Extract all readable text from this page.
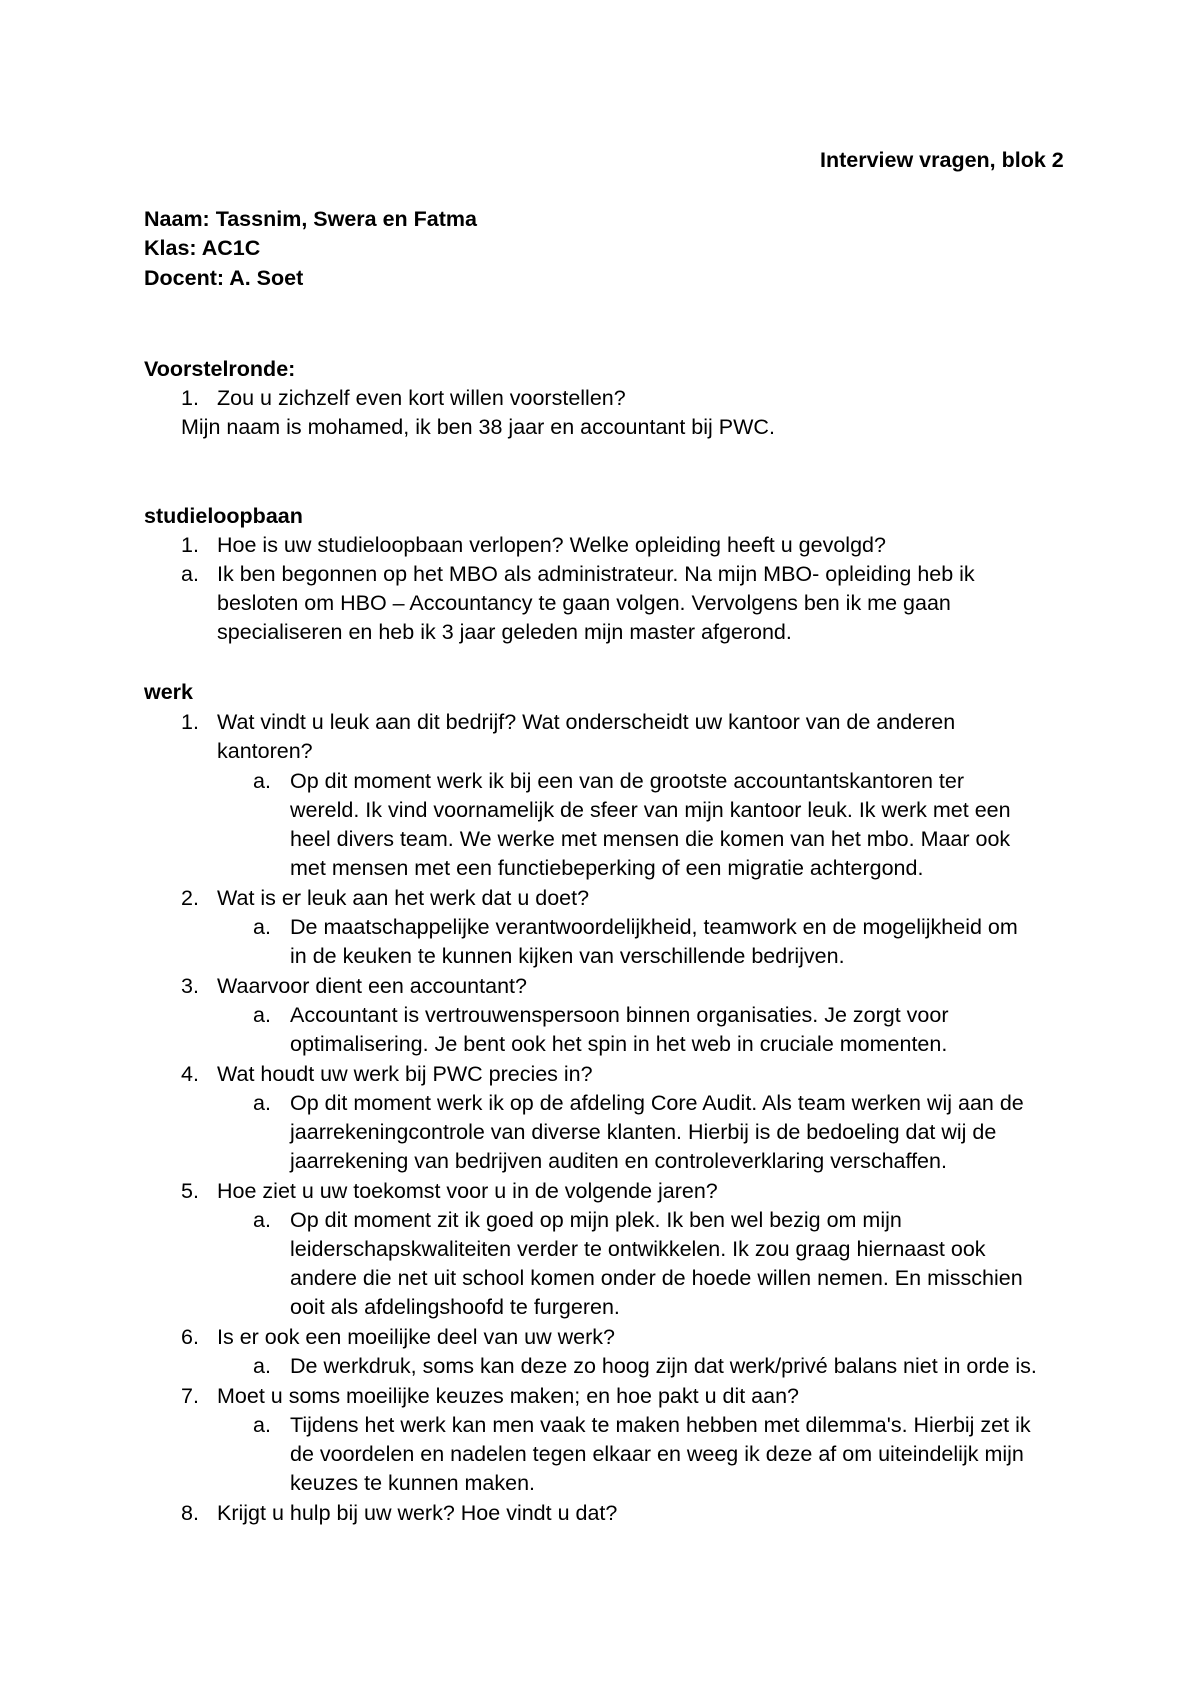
Interview vragen, blok 2
Naam: Tassnim, Swera en Fatma
Klas: AC1C
Docent: A. Soet
Voorstelronde:
1. Zou u zichzelf even kort willen voorstellen?
Mijn naam is mohamed, ik ben 38 jaar en accountant bij PWC.
studieloopbaan
1. Hoe is uw studieloopbaan verlopen? Welke opleiding heeft u gevolgd?
a. Ik ben begonnen op het MBO als administrateur. Na mijn MBO- opleiding heb ik
besloten om HBO – Accountancy te gaan volgen. Vervolgens ben ik me gaan
specialiseren en heb ik 3 jaar geleden mijn master afgerond.
werk
1. Wat vindt u leuk aan dit bedrijf? Wat onderscheidt uw kantoor van de anderen
kantoren?
a. Op dit moment werk ik bij een van de grootste accountantskantoren ter
wereld. Ik vind voornamelijk de sfeer van mijn kantoor leuk. Ik werk met een
heel divers team. We werke met mensen die komen van het mbo. Maar ook
met mensen met een functiebeperking of een migratie achtergond.
2. Wat is er leuk aan het werk dat u doet?
a. De maatschappelijke verantwoordelijkheid, teamwork en de mogelijkheid om
in de keuken te kunnen kijken van verschillende bedrijven.
3. Waarvoor dient een accountant?
a. Accountant is vertrouwenspersoon binnen organisaties. Je zorgt voor
optimalisering. Je bent ook het spin in het web in cruciale momenten.
4. Wat houdt uw werk bij PWC precies in?
a. Op dit moment werk ik op de afdeling Core Audit. Als team werken wij aan de
jaarrekeningcontrole van diverse klanten. Hierbij is de bedoeling dat wij de
jaarrekening van bedrijven auditen en controleverklaring verschaffen.
5. Hoe ziet u uw toekomst voor u in de volgende jaren?
a. Op dit moment zit ik goed op mijn plek. Ik ben wel bezig om mijn
leiderschapskwaliteiten verder te ontwikkelen. Ik zou graag hiernaast ook
andere die net uit school komen onder de hoede willen nemen. En misschien
ooit als afdelingshoofd te furgeren.
6. Is er ook een moeilijke deel van uw werk?
a. De werkdruk, soms kan deze zo hoog zijn dat werk/privé balans niet in orde is.
7. Moet u soms moeilijke keuzes maken; en hoe pakt u dit aan?
a. Tijdens het werk kan men vaak te maken hebben met dilemma's. Hierbij zet ik
de voordelen en nadelen tegen elkaar en weeg ik deze af om uiteindelijk mijn
keuzes te kunnen maken.
8. Krijgt u hulp bij uw werk? Hoe vindt u dat?
